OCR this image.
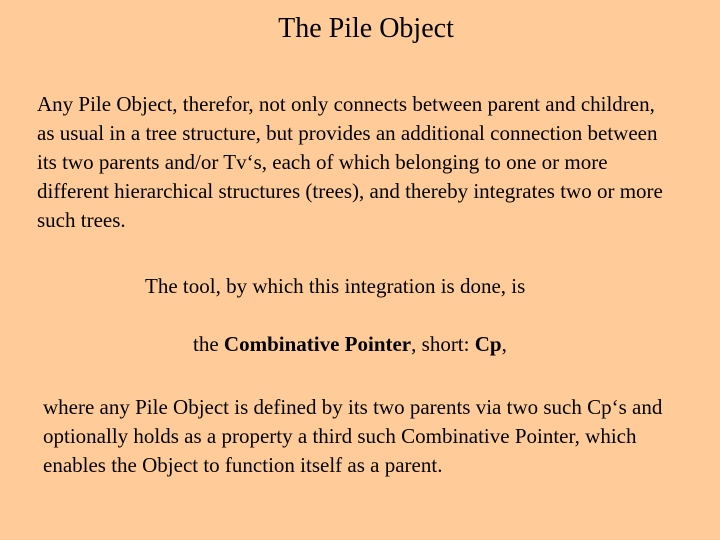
The Pile Object

Any Pile Object, therefor, not only connects between parent and children, as usual in a tree structure, but provides an additional connection between its two parents and/or Tv‘s, each of which belonging to one or more different hierarchical structures (trees), and thereby integrates two or more such trees.

The tool, by which this integration is done, is

the Combinative Pointer, short: Cp,

where any Pile Object is defined by its two parents via two such Cp‘s and optionally holds as a property a third such Combinative Pointer, which enables the Object to function itself as a parent.
